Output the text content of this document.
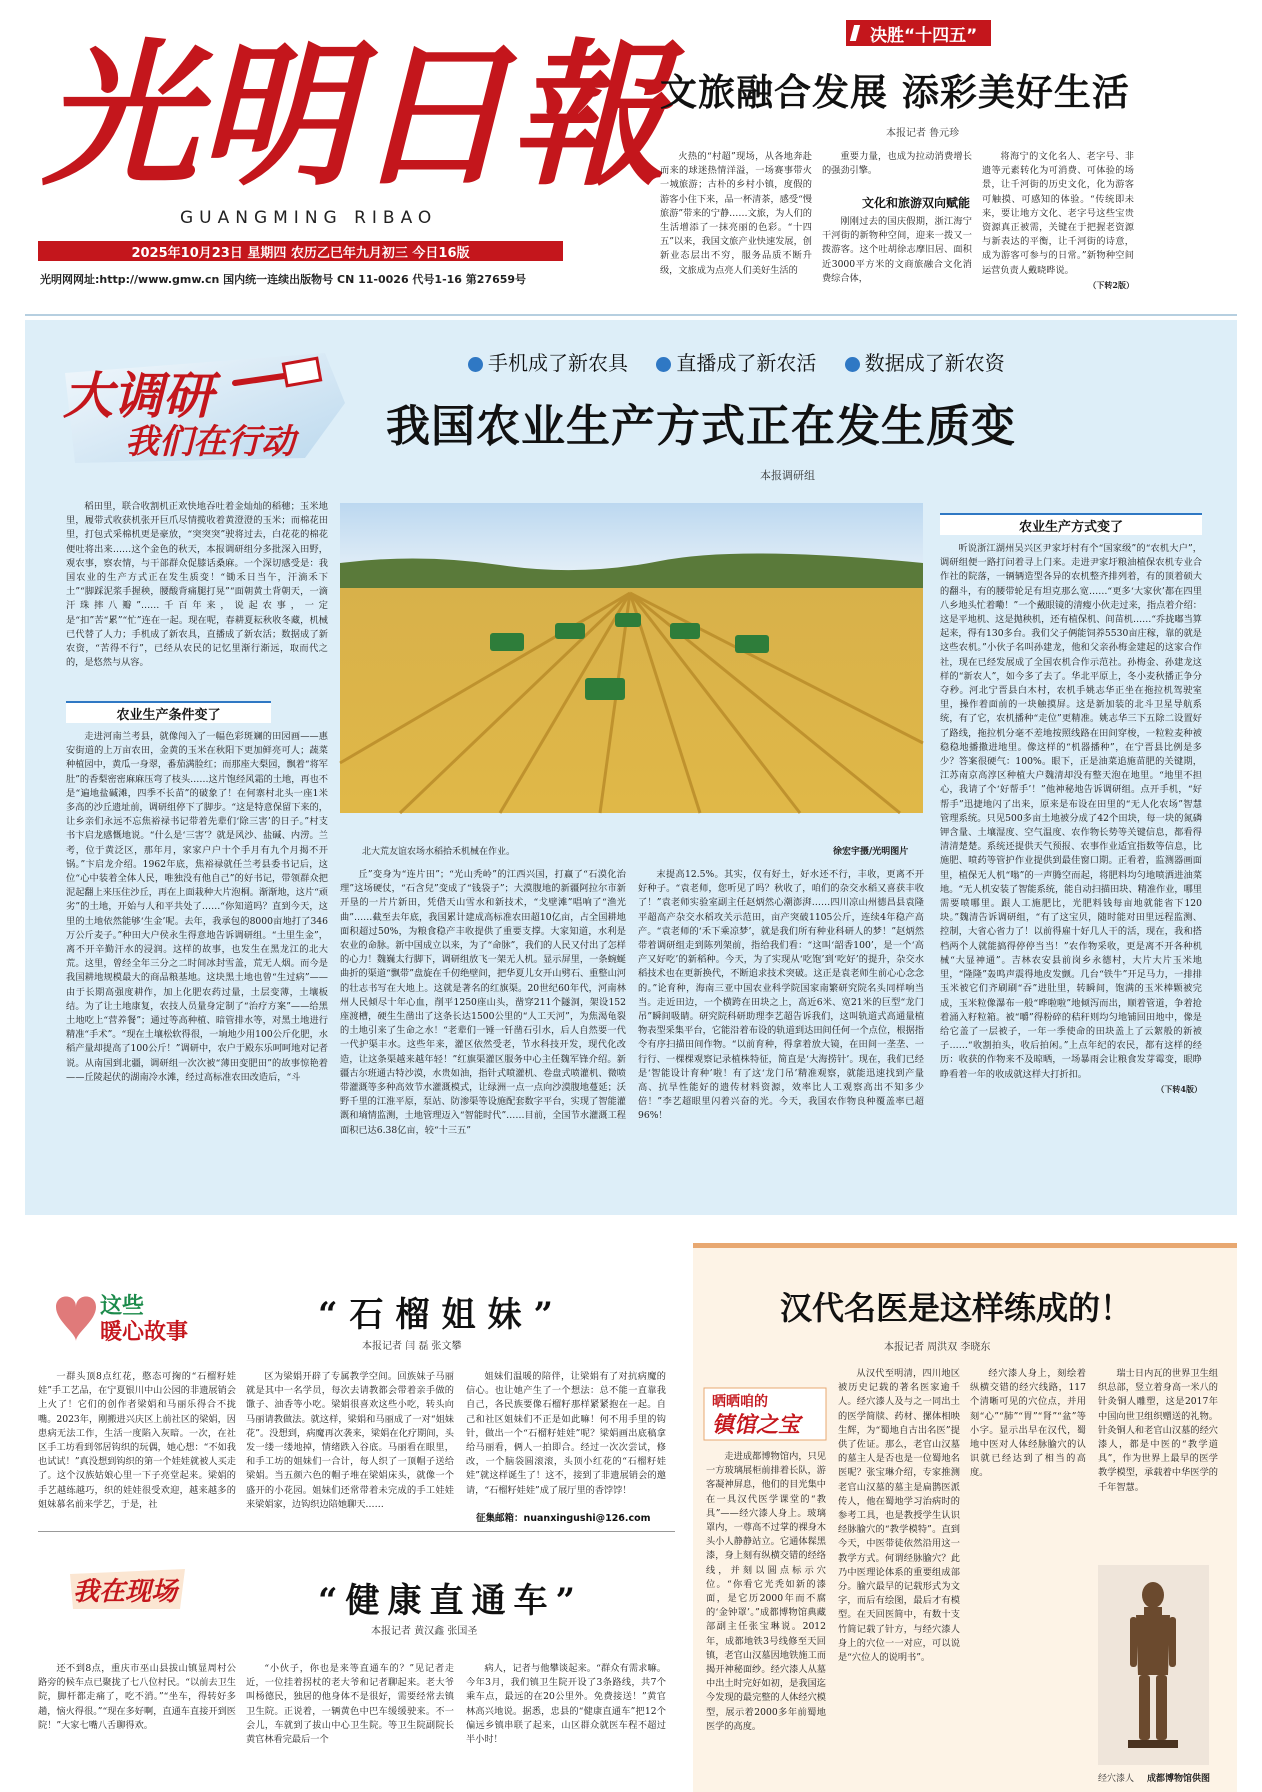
光明日報
GUANGMING RIBAO
2025年10月23日 星期四 农历乙巳年九月初三 今日16版
光明网网址:http://www.gmw.cn 国内统一连续出版物号 CN 11-0026 代号1-16 第27659号
决胜“十四五”
文旅融合发展 添彩美好生活
本报记者 鲁元珍

火热的“村超”现场，从各地奔赴而来的球迷热情洋溢，一场赛事带火一城旅游；古朴的乡村小镇，度假的游客小住下来，品一杯清茶，感受“慢旅游”带来的宁静……文旅，为人们的生活增添了一抹亮丽的色彩。“十四五”以来，我国文旅产业快速发展，创新业态层出不穷，服务品质不断升级，文旅成为点亮人们美好生活的

重要力量，也成为拉动消费增长的强劲引擎。

文化和旅游双向赋能

刚刚过去的国庆假期，浙江海宁干河街的新物种空间，迎来一拨又一拨游客。这个吐胡徐志摩旧居、面积近3000平方米的文商旅融合文化消费综合体，

将海宁的文化名人、老字号、非遗等元素转化为可消费、可体验的场景，让千河街的历史文化，化为游客可触摸、可感知的体验。“传统即未来，要让地方文化、老字号这些宝贵资源真正被需，关键在于把握老资源与新表达的平衡，让千河街的诗意，成为游客可参与的日常。”新物种空间运营负责人戴晓晔说。

（下转2版）
大调研
我们在行动
手机成了新农具 直播成了新农活 数据成了新农资
我国农业生产方式正在发生质变
本报调研组

稻田里，联合收割机正欢快地吞吐着金灿灿的稻穗；玉米地里，履带式收获机张开巨爪尽情揽收着黄澄澄的玉米；而棉花田里，打包式采棉机更是豪放，“突突突”驶将过去，白花花的棉花便吐将出来……这个金色的秋天，本报调研组分多批深入田野，观农事，察农情，与干部群众促膝话桑麻。一个深切感受是：我国农业的生产方式正在发生质变！“锄禾日当午，汗滴禾下土”“脚踩泥浆手握秧，腰酸背痛腿打晃”“面朝黄土背朝天，一滴汗珠摔八瓣”……千百年来，说起农事，一定是“扣”苦“累”“忙”连在一起。现在呢，春耕夏耘秋收冬藏，机械已代替了人力；手机成了新农具，直播成了新农活；数据成了新农资，“苦得不行”，已经从农民的记忆里渐行渐远，取而代之的，是悠然与从容。

农业生产条件变了

走进河南兰考县，就像闯入了一幅色彩斑斓的田园画——惠安街道的上万亩农田，金黄的玉米在秋阳下更加鲜亮可人；蔬菜种植园中，黄瓜一身翠，番茄满脸红；而那座大梨园，飘着“将军肚”的香梨密密麻麻压弯了枝头……这片饱经风霜的土地，再也不是“遍地盐碱滩，四季不长苗”的破象了！在何寨村北头一座1米多高的沙丘遗址前，调研组停下了脚步。“这是特意保留下来的，让乡亲们永远不忘焦裕禄书记带着先辈们‘除三害’的日子。”村支书卞启龙感慨地说。“什么是‘三害’？就是风沙、盐碱、内涝。兰考，位于黄泛区，那年月，家家户户十个手月有九个月揭不开锅。”卞启龙介绍。1962年底，焦裕禄就任兰考县委书记后，这位“心中装着全体人民，唯独没有他自己”的好书记，带领群众把泥起翻上来压住沙丘，再在上面栽种大片泡桐。渐渐地，这片“顽劣”的土地，开始与人和平共处了……“你知道吗？直到今天，这里的土地依然能够‘生金’呢。去年，我承包的8000亩地打了346万公斤麦子。”种田大户侯永生得意地告诉调研组。“土里生金”，离不开辛勤汗水的浸润。这样的故事，也发生在黑龙江的北大荒。这里，曾经全年三分之二时间冰封雪盖，荒无人烟。而今是我国耕地规模最大的商品粮基地。这块黑土地也曾“生过病”——由于长期高强度耕作，加上化肥农药过量，土层变薄，土壤板结。为了让土地康复，农技人员量身定制了“治疗方案”——给黑土地吃上“营养餐”；通过等高种植、暗管排水等，对黑土地进行精准“手术”。“现在土壤松软得很，一垧地少用100公斤化肥，水稻产量却提高了100公斤！”调研中，农户于殿东乐呵呵地对记者说。从南国到北疆，调研组一次次被“薄田变肥田”的故事惊艳着——丘陵起伏的湖南冷水滩，经过高标准农田改造后，“斗

北大荒友谊农场水稻拾禾机械在作业。	徐宏宇摄/光明图片

丘”变身为“连片田”；“光山秃岭”的江西兴国，打赢了“石漠化治理”这场硬仗，“石含兒”变成了“钱袋子”；大漠腹地的新疆阿拉尔市新开垦的一片片新田，凭借天山雪水和新技术，“戈壁滩”唱响了“渔光曲”……截至去年底，我国累计建成高标准农田超10亿亩，占全国耕地面积超过50%，为粮食稳产丰收提供了重要支撑。大家知道，水利是农业的命脉。新中国成立以来，为了“命脉”，我们的人民又付出了怎样的心力！魏巍太行脚下，调研组放飞一架无人机。显示屏里，一条蜿蜒曲折的渠道“飘带”盘旋在千仞绝壁间，把华夏儿女开山劈石、重整山河的壮志书写在大地上。这就是著名的红旗渠。20世纪60年代，河南林州人民倾尽十年心血，削平1250座山头，凿穿211个隧洞，架设152座渡槽，硬生生凿出了这条长达1500公里的“人工天河”，为焦渴龟裂的土地引来了生命之水！“老辈们一锤一钎凿石引水，后人自然要一代一代护渠丰水。这些年来，灌区依然受老，节水科技开发，现代化改造，让这条渠越来越年轻！”红旗渠灌区服务中心主任魏军锋介绍。新疆古尔班通古特沙漠，水贵如油，指针式喷灌机、卷盘式喷灌机、微喷带灌溉等多种高效节水灌溉模式，让绿洲一点一点向沙漠腹地蔓延；沃野千里的江淮平原，泵站、防渗渠等设施配套数字平台，实现了智能灌溉和墒情监测，土地管理迈入“智能时代”……目前，全国节水灌溉工程面积已达6.38亿亩，较“十三五”

末提高12.5%。其实，仅有好土，好水还不行，丰收，更离不开好种子。“袁老师，您听见了吗？秋收了，咱们的杂交水稻又喜获丰收了！”袁老师实验室副主任赵炳然心潮澎湃……四川凉山州德昌县袁隆平超高产杂交水稻攻关示范田，亩产突破1105公斤，连续4年稳产高产。“袁老师的‘禾下乘凉梦’，就是我们所有种业科研人的梦！”赵炳然带着调研组走到陈列架前，指给我们看：“这叫‘韶香100’，是一个‘高产又好吃’的新稻种。今天，为了实现从‘吃饱’到‘吃好’的提升，杂交水稻技术也在更新换代，不断追求技术突破。这正是袁老师生前心心念念的。”论育种，海南三亚中国农业科学院国家南繁研究院名头同样响当当。走近田边，一个横跨在田块之上，高近6米、宽21米的巨型“龙门吊”瞬间吸睛。研究院科研助理李艺超告诉我们，这叫轨道式高通量植物表型采集平台，它能沿着布设的轨道到达田间任何一个点位，根据指令有序扫描田间作物。“以前育种，得拿着放大镜，在田间一垄垄、一行行、一棵棵观察记录植株特征，简直是‘大海捞针’。现在，我们已经是‘智能设计育种’啦！有了这‘龙门吊’精准观察，就能迅速找到产量高、抗旱性能好的遗传材料资源，效率比人工观察高出不知多少倍！”李艺超眼里闪着兴奋的光。今天，我国农作物良种覆盖率已超96%！

农业生产方式变了

听说浙江湖州吴兴区尹家圩村有个“国家级”的“农机大户”，调研组便一路打问着寻上门来。走进尹家圩粮油植保农机专业合作社的院落，一辆辆造型各异的农机整齐排列着，有的顶着硕大的翻斗，有的腰带轮足有坦克那么宽……“更多‘大家伙’都在四里八乡地头忙着嘞！”一个戴眼镜的清瘦小伙走过来，指点着介绍：这是平地机、这是抛秧机，还有植保机、间苗机……“乔拢嘟当算起来，得有130多台。我们父子俩能饲养5530亩庄稼，靠的就是这些农机。”小伙子名叫孙建龙，他和父亲孙梅金建起的这家合作社，现在已经发展成了全国农机合作示范社。孙梅金、孙建龙这样的“新农人”，如今多了去了。华北平原上，冬小麦秋播正争分夺秒。河北宁晋县白木村，农机手姚志华正坐在拖拉机驾驶室里，操作着面前的一块触摸屏。这是新加装的北斗卫星导航系统，有了它，农机播种“走位”更精准。姚志华三下五除二设置好了路线，拖拉机分毫不差地按照线路在田间穿梭，一粒粒麦种被稳稳地播撒进地里。像这样的“机器播种”，在宁晋县比例是多少？答案很硬气：100%。眼下，正是油菜追施苗肥的关键期，江苏南京高淳区种植大户魏清却没有整天泡在地里。“地里不担心，我请了个‘好帮手’！”他神秘地告诉调研组。点开手机，“好帮手”迅捷地闪了出来，原来是布设在田里的“无人化农场”智慧管理系统。只见500多亩土地被分成了42个田块，每一块的氮磷钾含量、土壤湿度、空气温度、农作物长势等关键信息，都看得清清楚楚。系统还提供天气预报、农事作业适宜指数等信息，比施肥、喷药等管护作业提供到最佳窗口期。正看着，监测器画面里，植保无人机“嗡”的一声腾空而起，将肥料均匀地喷洒进油菜地。“无人机安装了智能系统，能自动扫描田块、精准作业，哪里需要喷哪里。跟人工施肥比，光肥料钱每亩地就能省下120块。”魏清告诉调研组，“有了这宝贝，随时能对田里远程监测、控制，大省心省力了！以前得雇十好几人干的活，现在，我和搭档两个人就能搞得停停当当！”农作物采收，更是离不开各种机械“大显神通”。吉林农安县前岗乡永德村，大片大片玉米地里，“隆隆”轰鸣声震得地皮发颤。几台“铁牛”开足马力，一排排玉米被它们齐刷刷“吞”进肚里，转瞬间，饱满的玉米棒颗被完成，玉米粒像瀑布一般“哗啦啦”地倾泻而出，顺着管道，争着抢着涌入籽粒箱。被“嚼”得粉碎的秸秆则均匀地铺回田地中，像是给它盖了一层被子，一年一季使命的田块盖上了云絮般的新被子……“收割拍头，收后拍闲。”上点年纪的农民，都有这样的经历：收获的作物来不及晾晒，一场暴雨会让粮食发芽霉变，眼睁睁看着一年的收成就这样大打折扣。

（下转4版）
这些
暖心故事	“石榴姐妹”
本报记者 闫 磊 张文攀

一群头顶8点红花，憨态可掬的“石榴籽娃娃”手工艺品，在宁夏银川中山公园的非遗展销会上火了！它们的创作者梁娟和马丽乐得合不拢嘴。2023年，刚搬进兴庆区上前社区的梁娟，因患病无法工作，生活一度陷入灰暗。一次，在社区手工坊看到邻居钩织的玩偶，她心想：“不如我也试试！”真没想到钩织的第一个娃娃就被人买走了。这个汉族姑娘心里一下子亮堂起来。梁娟的手艺越练越巧，织的娃娃很受欢迎，越来越多的姐妹慕名前来学艺，于是，社

区为梁娟开辟了专属教学空间。回族妹子马丽就是其中一名学员，每次去请教都会带着亲手做的馓子、油香等小吃。梁娟很喜欢这些小吃，转头向马丽请教做法。就这样，梁娟和马丽成了一对“姐妹花”。没想到，病魔再次袭来，梁娟在化疗期间，头发一缕一缕地掉，情绪跌入谷底。马丽看在眼里，和手工坊的姐妹们一合计，每人织了一顶帽子送给梁娟。当五颜六色的帽子堆在梁娟床头，就像一个盛开的小花园。姐妹们还常带着未完成的手工娃娃来梁娟家，边钩织边陪她聊天……

姐妹们温暖的陪伴，让梁娟有了对抗病魔的信心。也让她产生了一个想法：总不能一直靠我自己，各民族要像石榴籽那样紧紧抱在一起。自己和社区姐妹们不正是如此嘛！何不用手里的钩针，做出一个“石榴籽娃娃”呢？梁娟画出底稿拿给马丽看，俩人一拍即合。经过一次次尝试，修改，一个脑袋圆滚滚，头顶小红花的“石榴籽娃娃”就这样诞生了！这不，接到了非遗展销会的邀请，“石榴籽娃娃”成了展厅里的香饽饽！

征集邮箱：nuanxingushi@126.com
我在现场	“健康直通车”
本报记者 黄汉鑫 张国圣

还不到8点，重庆市巫山县拔山镇显周村公路旁的候车点已聚拢了七八位村民。“以前去卫生院，脚杆都走痛了，吃不消。”“坐车，得转好多趟，恼火得很。”“现在多好啊，直通车直接开到医院！”大家七嘴八舌聊得欢。

“小伙子，你也是来等直通车的？”见记者走近，一位挂着拐杖的老大爷和记者聊起来。老大爷叫杨德民，独居的他身体不是很好，需要经常去镇卫生院。正说着，一辆黄色中巴车缓缓驶来。不一会儿，车就到了拔山中心卫生院。等卫生院副院长黄官林看完最后一个

病人，记者与他攀谈起来。“群众有需求嘛。今年3月，我们镇卫生院开设了3条路线，共7个乘车点，最远的在20公里外。免费接送！”黄官林高兴地说。据悉，忠县的“健康直通车”把12个偏远乡镇串联了起来，山区群众就医车程不超过半小时！

汉代名医是这样练成的！
本报记者 周洪双 李晓东
晒晒咱的
镇馆之宝

走进成都博物馆内，只见一方玻璃展柜前排着长队，游客凝神屏息，他们的目光集中在一具汉代医学课堂的“教具”——经穴漆人身上。玻璃罩内，一尊高不过掌的裸身木头小人静静站立。它通体髹黑漆，身上刻有纵横交错的经络线，并刻以圆点标示穴位。“你看它光秃如新的漆面，是它历2000年而不腐的‘金钟罩’。”成都博物馆典藏部副主任张宝琳说。2012年，成都地铁3号线修至天回镇，老官山汉墓因地铁施工而揭开神秘面纱。经穴漆人从墓中出土时完好如初，是我国迄今发现的最完整的人体经穴模型，展示着2000多年前蜀地医学的高度。

从汉代至明清，四川地区被历史记载的著名医家逾千人。经穴漆人及与之一同出土的医学简牍、药材、摞体相映生辉，为“蜀地自古出名医”提供了佐证。那么，老官山汉墓的墓主人是否也是一位蜀地名医呢？张宝琳介绍，专家推测老官山汉墓的墓主是扁鹊医派传人，他在蜀地学习治病时的参考工具，也是教授学生认识经脉腧穴的“教学模特”。直到今天，中医带徒依然沿用这一教学方式。何谓经脉腧穴？此乃中医理论体系的重要组成部分。腧穴最早的记载形式为文字，而后有绘图，最后才有模型。在天回医简中，有数十支竹简记载了针方，与经穴漆人身上的穴位一一对应，可以说是“穴位人的说明书”。

经穴漆人身上，刻绘着纵横交错的经穴线路，117个清晰可见的穴位点，并用刻“心”“肺”“胃”“肾”“盆”等小字。显示出早在汉代，蜀地中医对人体经脉腧穴的认识就已经达到了相当的高度。

瑞士日内瓦的世界卫生组织总部，竖立着身高一米八的针灸铜人雕塑，这是2017年中国向世卫组织赠送的礼物。针灸铜人和老官山汉墓的经穴漆人，都是中医的“教学道具”，作为世界上最早的医学教学模型，承载着中华医学的千年智慧。

经穴漆人	成都博物馆供图
